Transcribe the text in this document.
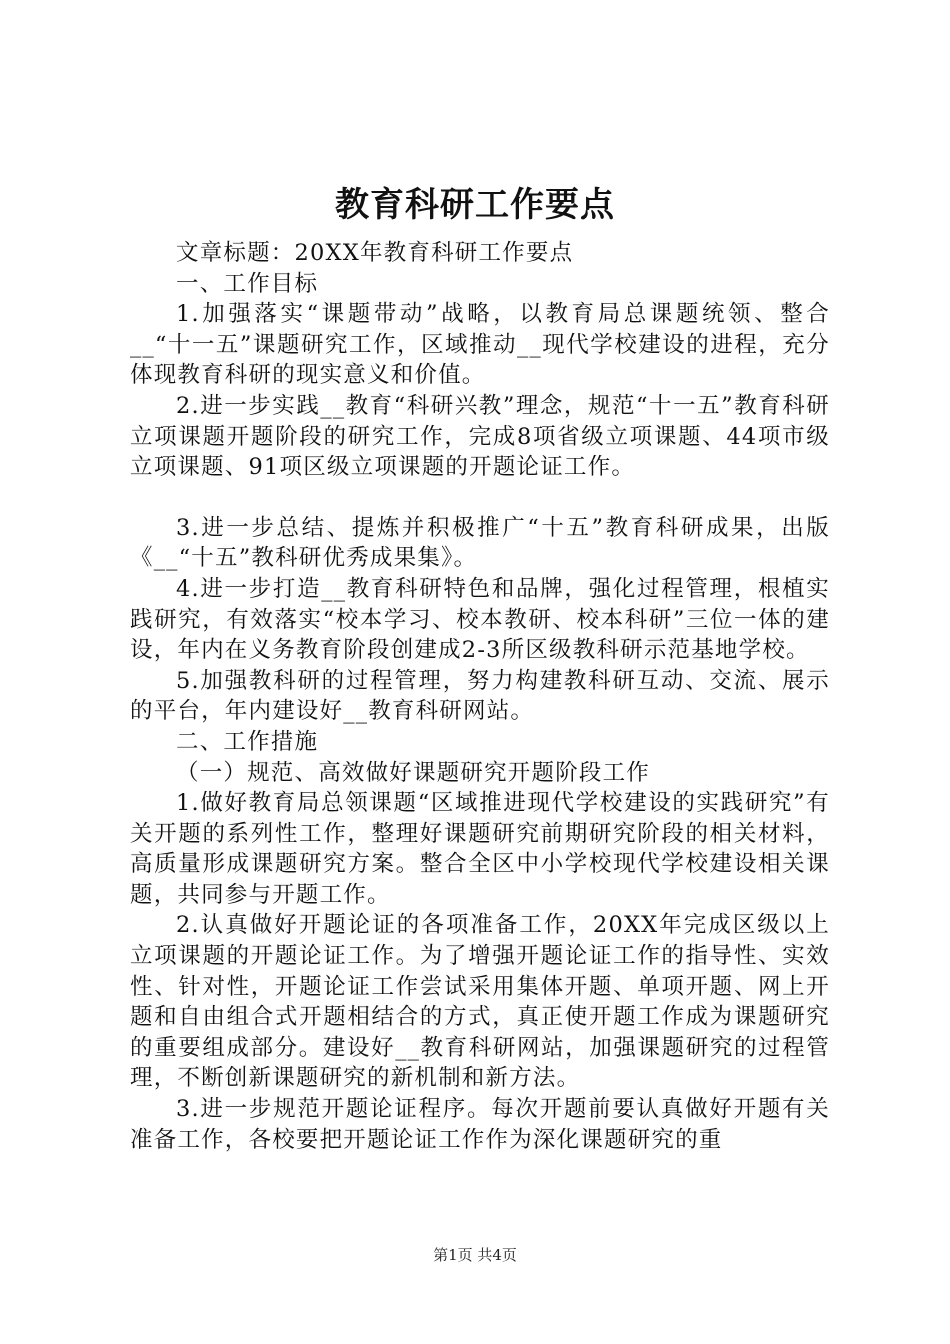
教育科研工作要点

文章标题：20XX年教育科研工作要点

一、工作目标

1.加强落实“课题带动”战略，以教育局总课题统领、整合__“十一五”课题研究工作，区域推动__现代学校建设的进程，充分体现教育科研的现实意义和价值。

2.进一步实践__教育“科研兴教”理念，规范“十一五”教育科研立项课题开题阶段的研究工作，完成8项省级立项课题、44项市级立项课题、91项区级立项课题的开题论证工作。

3.进一步总结、提炼并积极推广“十五”教育科研成果，出版《__“十五”教科研优秀成果集》。

4.进一步打造__教育科研特色和品牌，强化过程管理，根植实践研究，有效落实“校本学习、校本教研、校本科研”三位一体的建设，年内在义务教育阶段创建成2-3所区级教科研示范基地学校。

5.加强教科研的过程管理，努力构建教科研互动、交流、展示的平台，年内建设好__教育科研网站。

二、工作措施

（一）规范、高效做好课题研究开题阶段工作

1.做好教育局总领课题“区域推进现代学校建设的实践研究”有关开题的系列性工作，整理好课题研究前期研究阶段的相关材料，高质量形成课题研究方案。整合全区中小学校现代学校建设相关课题，共同参与开题工作。

2.认真做好开题论证的各项准备工作，20XX年完成区级以上立项课题的开题论证工作。为了增强开题论证工作的指导性、实效性、针对性，开题论证工作尝试采用集体开题、单项开题、网上开题和自由组合式开题相结合的方式，真正使开题工作成为课题研究的重要组成部分。建设好__教育科研网站，加强课题研究的过程管理，不断创新课题研究的新机制和新方法。

3.进一步规范开题论证程序。每次开题前要认真做好开题有关准备工作，各校要把开题论证工作作为深化课题研究的重

第1页 共4页
